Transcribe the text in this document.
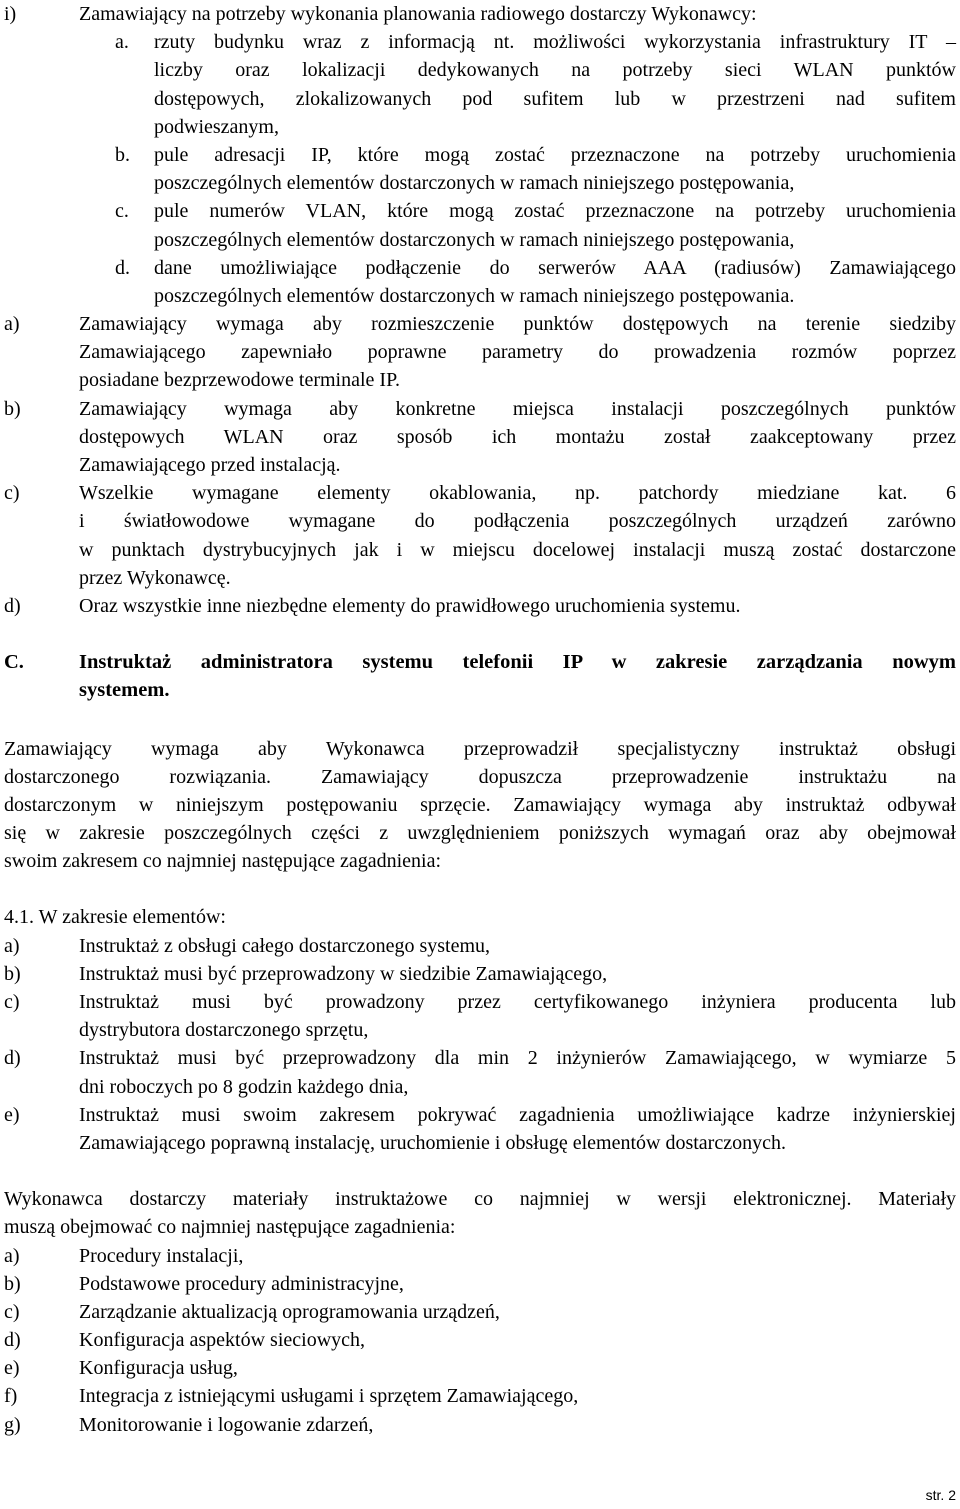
i)	Zamawiający na potrzeby wykonania planowania radiowego dostarczy Wykonawcy:
a.	rzuty budynku wraz z informacją nt. możliwości wykorzystania infrastruktury IT –
liczby oraz lokalizacji dedykowanych na potrzeby sieci WLAN punktów
dostępowych, zlokalizowanych pod sufitem lub w przestrzeni nad sufitem
podwieszanym,
b.	pule adresacji IP, które mogą zostać przeznaczone na potrzeby uruchomienia
poszczególnych elementów dostarczonych w ramach niniejszego postępowania,
c.	pule numerów VLAN, które mogą zostać przeznaczone na potrzeby uruchomienia
poszczególnych elementów dostarczonych w ramach niniejszego postępowania,
d.	dane umożliwiające podłączenie do serwerów AAA (radiusów) Zamawiającego
poszczególnych elementów dostarczonych w ramach niniejszego postępowania.
a)	Zamawiający wymaga aby rozmieszczenie punktów dostępowych na terenie siedziby
Zamawiającego zapewniało poprawne parametry do prowadzenia rozmów poprzez
posiadane bezprzewodowe terminale IP.
b)	Zamawiający wymaga aby konkretne miejsca instalacji poszczególnych punktów
dostępowych WLAN oraz sposób ich montażu został zaakceptowany przez
Zamawiającego przed instalacją.
c)	Wszelkie wymagane elementy okablowania, np. patchordy miedziane kat. 6
i światłowodowe wymagane do podłączenia poszczególnych urządzeń zarówno
w punktach dystrybucyjnych jak i w miejscu docelowej instalacji muszą zostać dostarczone
przez Wykonawcę.
d)	Oraz wszystkie inne niezbędne elementy do prawidłowego uruchomienia systemu.
C.	Instruktaż administratora systemu telefonii IP w zakresie zarządzania nowym
systemem.
Zamawiający wymaga aby Wykonawca przeprowadził specjalistyczny instruktaż obsługi
dostarczonego rozwiązania. Zamawiający dopuszcza przeprowadzenie instruktażu na
dostarczonym w niniejszym postępowaniu sprzęcie. Zamawiający wymaga aby instruktaż odbywał
się w zakresie poszczególnych części z uwzględnieniem poniższych wymagań oraz aby obejmował
swoim zakresem co najmniej następujące zagadnienia:
4.1. W zakresie elementów:
a)	Instruktaż z obsługi całego dostarczonego systemu,
b)	Instruktaż musi być przeprowadzony w siedzibie Zamawiającego,
c)	Instruktaż musi być prowadzony przez certyfikowanego inżyniera producenta lub
dystrybutora dostarczonego sprzętu,
d)	Instruktaż musi być przeprowadzony dla min 2 inżynierów Zamawiającego, w wymiarze 5
dni roboczych po 8 godzin każdego dnia,
e)	Instruktaż musi swoim zakresem pokrywać zagadnienia umożliwiające kadrze inżynierskiej
Zamawiającego poprawną instalację, uruchomienie i obsługę elementów dostarczonych.
Wykonawca dostarczy materiały instruktażowe co najmniej w wersji elektronicznej. Materiały
muszą obejmować co najmniej następujące zagadnienia:
a)	Procedury instalacji,
b)	Podstawowe procedury administracyjne,
c)	Zarządzanie aktualizacją oprogramowania urządzeń,
d)	Konfiguracja aspektów sieciowych,
e)	Konfiguracja usług,
f)	Integracja z istniejącymi usługami i sprzętem Zamawiającego,
g)	Monitorowanie i logowanie zdarzeń,
str. 2
